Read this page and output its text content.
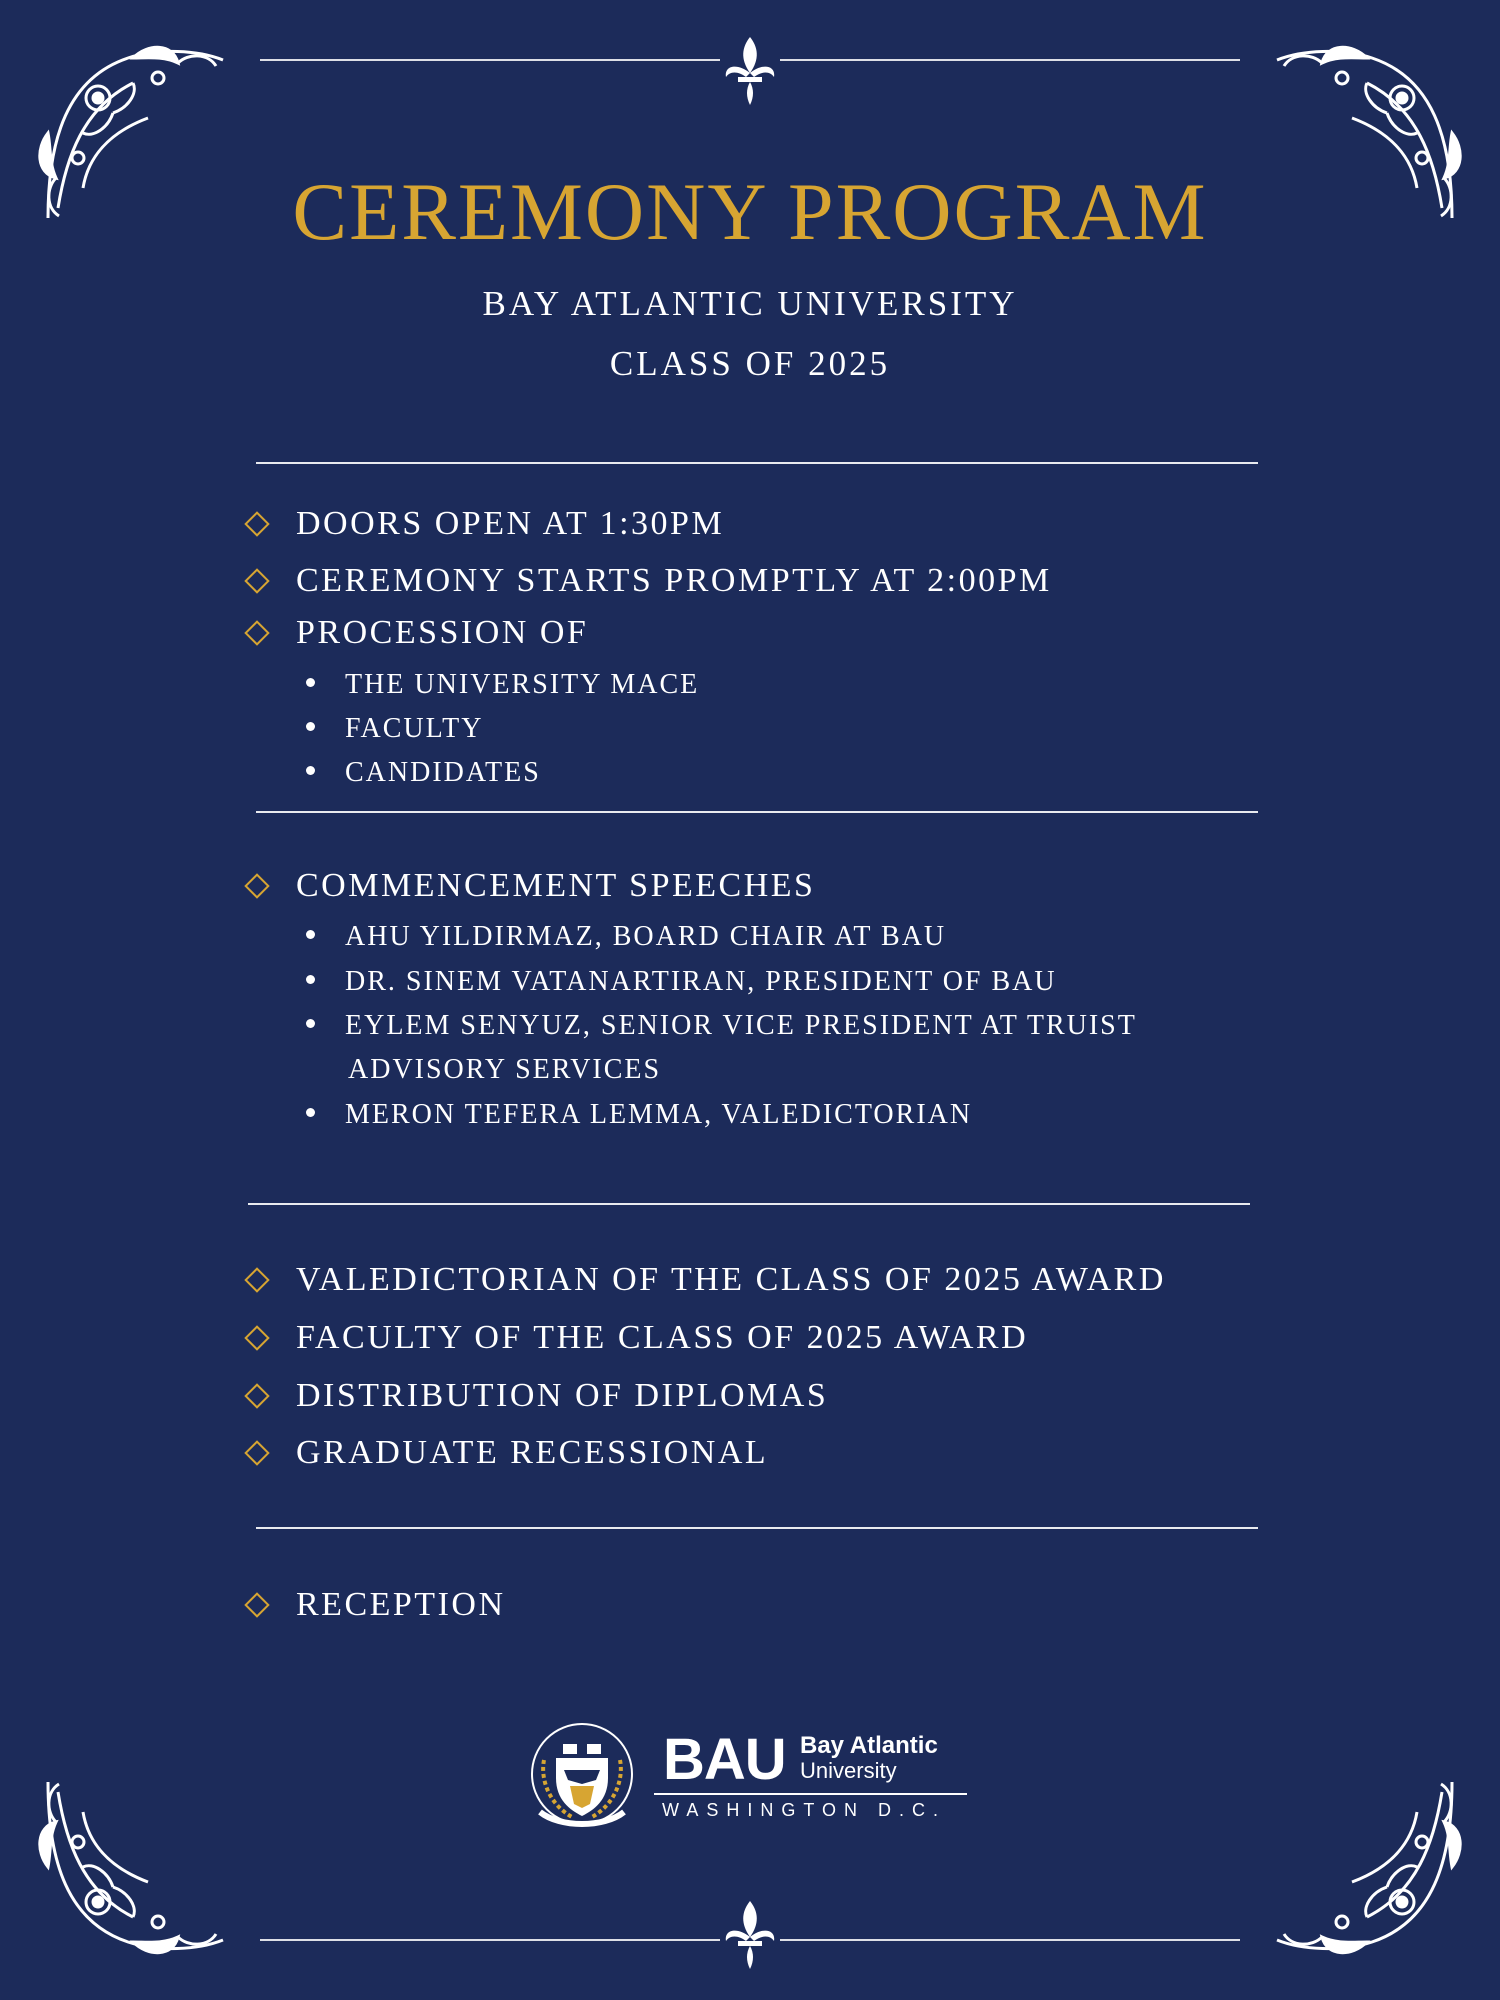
CEREMONY PROGRAM
BAY ATLANTIC UNIVERSITY
CLASS OF 2025
DOORS OPEN AT 1:30PM
CEREMONY STARTS PROMPTLY AT 2:00PM
PROCESSION OF
THE UNIVERSITY MACE
FACULTY
CANDIDATES
COMMENCEMENT SPEECHES
AHU YILDIRMAZ, BOARD CHAIR AT BAU
DR. SINEM VATANARTIRAN, PRESIDENT OF BAU
EYLEM SENYUZ, SENIOR VICE PRESIDENT AT TRUIST
ADVISORY SERVICES
MERON TEFERA LEMMA, VALEDICTORIAN
VALEDICTORIAN OF THE CLASS OF 2025 AWARD
FACULTY OF THE CLASS OF 2025 AWARD
DISTRIBUTION OF DIPLOMAS
GRADUATE RECESSIONAL
RECEPTION
BAU Bay Atlantic
University
WASHINGTON D.C.
